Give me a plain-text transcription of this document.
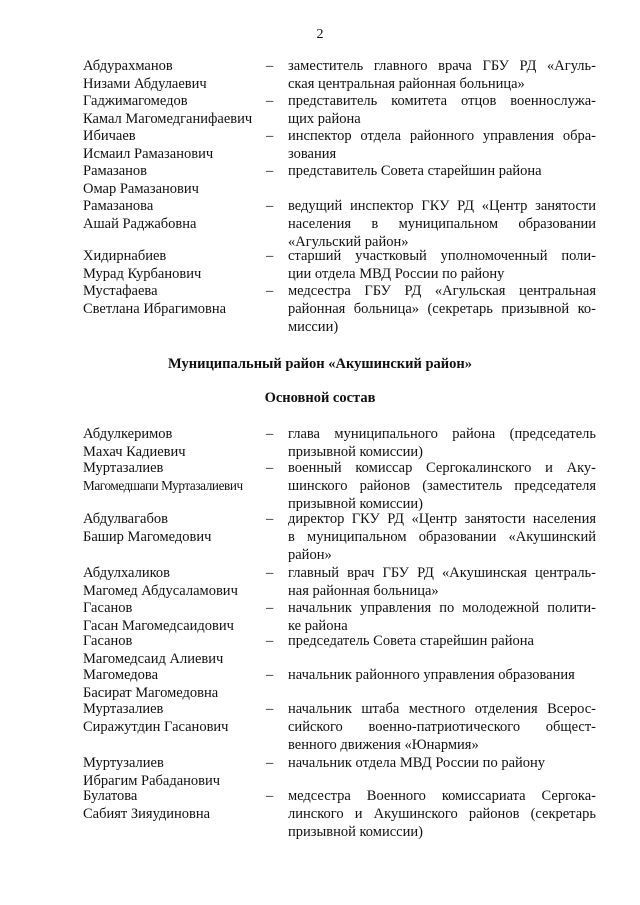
2
Абдурахманов
Низами Абдулаевич
– заместитель главного врача ГБУ РД «Агуль-
ская центральная районная больница»
Гаджимагомедов
Камал Магомедганифаевич
– представитель комитета отцов военнослужа-
щих района
Ибичаев
Исмаил Рамазанович
– инспектор отдела районного управления обра-
зования
Рамазанов
Омар Рамазанович
– представитель Совета старейшин района
Рамазанова
Ашай Раджабовна
– ведущий инспектор ГКУ РД «Центр занятости
населения в муниципальном образовании
«Агульский район»
Хидирнабиев
Мурад Курбанович
– старший участковый уполномоченный поли-
ции отдела МВД России по району
Мустафаева
Светлана Ибрагимовна
– медсестра ГБУ РД «Агульская центральная
районная больница» (секретарь призывной ко-
миссии)
Муниципальный район «Акушинский район»
Основной состав
Абдулкеримов
Махач Кадиевич
– глава муниципального района (председатель
призывной комиссии)
Муртазалиев
Магомедшапи Муртазалиевич
– военный комиссар Сергокалинского и Аку-
шинского районов (заместитель председателя
призывной комиссии)
Абдулвагабов
Башир Магомедович
– директор ГКУ РД «Центр занятости населения
в муниципальном образовании «Акушинский
район»
Абдулхаликов
Магомед Абдусаламович
– главный врач ГБУ РД «Акушинская централь-
ная районная больница»
Гасанов
Гасан Магомедсаидович
– начальник управления по молодежной полити-
ке района
Гасанов
Магомедсаид Алиевич
– председатель Совета старейшин района
Магомедова
Басират Магомедовна
– начальник районного управления образования
Муртазалиев
Сиражутдин Гасанович
– начальник штаба местного отделения Всерос-
сийского военно-патриотического общест-
венного движения «Юнармия»
Муртузалиев
Ибрагим Рабаданович
– начальник отдела МВД России по району
Булатова
Сабият Зияудиновна
– медсестра Военного комиссариата Сергока-
линского и Акушинского районов (секретарь
призывной комиссии)
